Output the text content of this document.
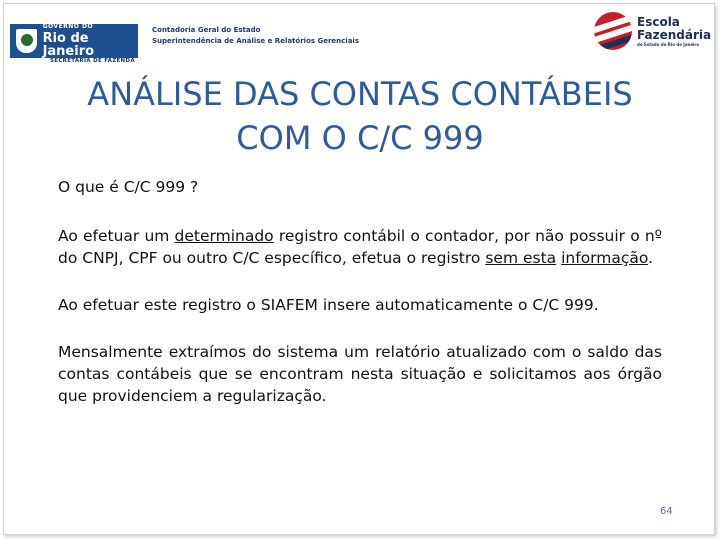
GOVERNO DO
Rio de Janeiro
SECRETARIA DE FAZENDA
Contadoria Geral do Estado
Superintendência de Análise e Relatórios Gerenciais
Escola
Fazendária
do Estado do Rio de Janeiro
ANÁLISE DAS CONTAS CONTÁBEIS
COM O C/C 999

O que é C/C 999 ?

Ao efetuar um determinado registro contábil o contador, por não possuir o nº do CNPJ, CPF ou outro C/C específico, efetua o registro sem esta informação.

Ao efetuar este registro o SIAFEM insere automaticamente o C/C 999.

Mensalmente extraímos do sistema um relatório atualizado com o saldo das contas contábeis que se encontram nesta situação e solicitamos aos órgão que providenciem a regularização.

64
